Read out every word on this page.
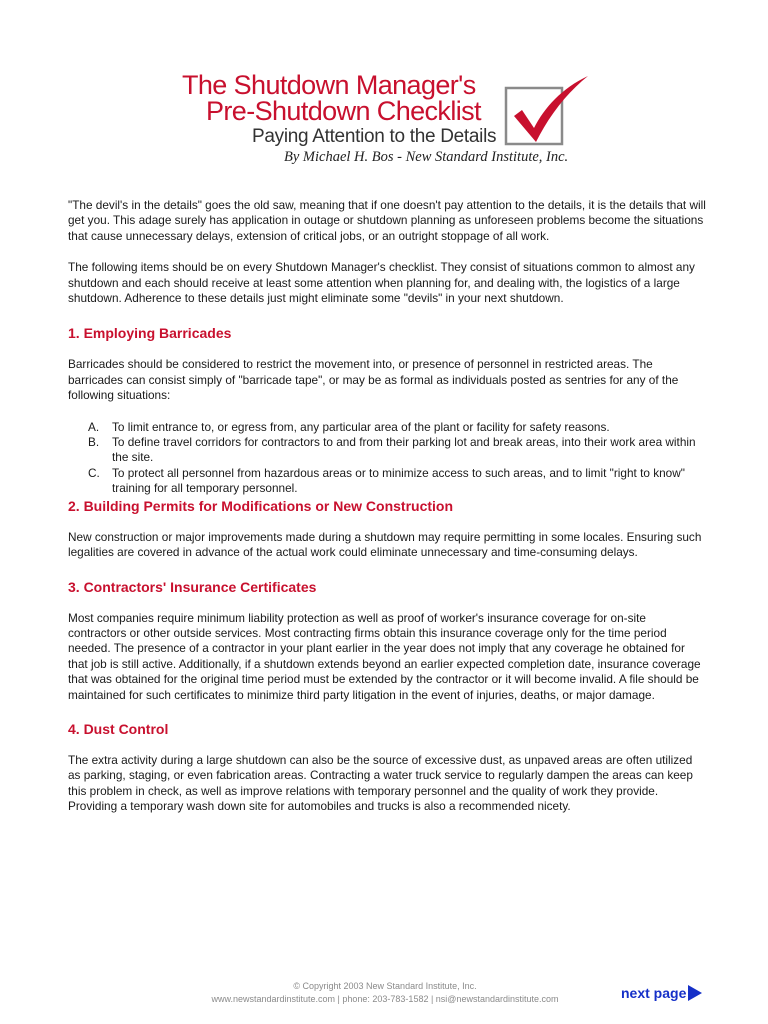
The Shutdown Manager's
Pre-Shutdown Checklist
Paying Attention to the Details
By Michael H. Bos - New Standard Institute, Inc.

"The devil's in the details" goes the old saw, meaning that if one doesn't pay attention to the details, it is the details that will get you. This adage surely has application in outage or shutdown planning as unforeseen problems become the situations that cause unnecessary delays, extension of critical jobs, or an outright stoppage of all work.

The following items should be on every Shutdown Manager's checklist. They consist of situations common to almost any shutdown and each should receive at least some attention when planning for, and dealing with, the logistics of a large shutdown. Adherence to these details just might eliminate some "devils" in your next shutdown.

1. Employing Barricades

Barricades should be considered to restrict the movement into, or presence of personnel in restricted areas. The barricades can consist simply of "barricade tape", or may be as formal as individuals posted as sentries for any of the following situations:

A. To limit entrance to, or egress from, any particular area of the plant or facility for safety reasons.
B. To define travel corridors for contractors to and from their parking lot and break areas, into their work area within the site.
C. To protect all personnel from hazardous areas or to minimize access to such areas, and to limit "right to know" training for all temporary personnel.
2. Building Permits for Modifications or New Construction

New construction or major improvements made during a shutdown may require permitting in some locales. Ensuring such legalities are covered in advance of the actual work could eliminate unnecessary and time-consuming delays.

3. Contractors' Insurance Certificates

Most companies require minimum liability protection as well as proof of worker's insurance coverage for on-site contractors or other outside services. Most contracting firms obtain this insurance coverage only for the time period needed. The presence of a contractor in your plant earlier in the year does not imply that any coverage he obtained for that job is still active. Additionally, if a shutdown extends beyond an earlier expected completion date, insurance coverage that was obtained for the original time period must be extended by the contractor or it will become invalid. A file should be maintained for such certificates to minimize third party litigation in the event of injuries, deaths, or major damage.

4. Dust Control

The extra activity during a large shutdown can also be the source of excessive dust, as unpaved areas are often utilized as parking, staging, or even fabrication areas. Contracting a water truck service to regularly dampen the areas can keep this problem in check, as well as improve relations with temporary personnel and the quality of work they provide. Providing a temporary wash down site for automobiles and trucks is also a recommended nicety.

© Copyright 2003 New Standard Institute, Inc.
www.newstandardinstitute.com | phone: 203-783-1582 | nsi@newstandardinstitute.com	next page
